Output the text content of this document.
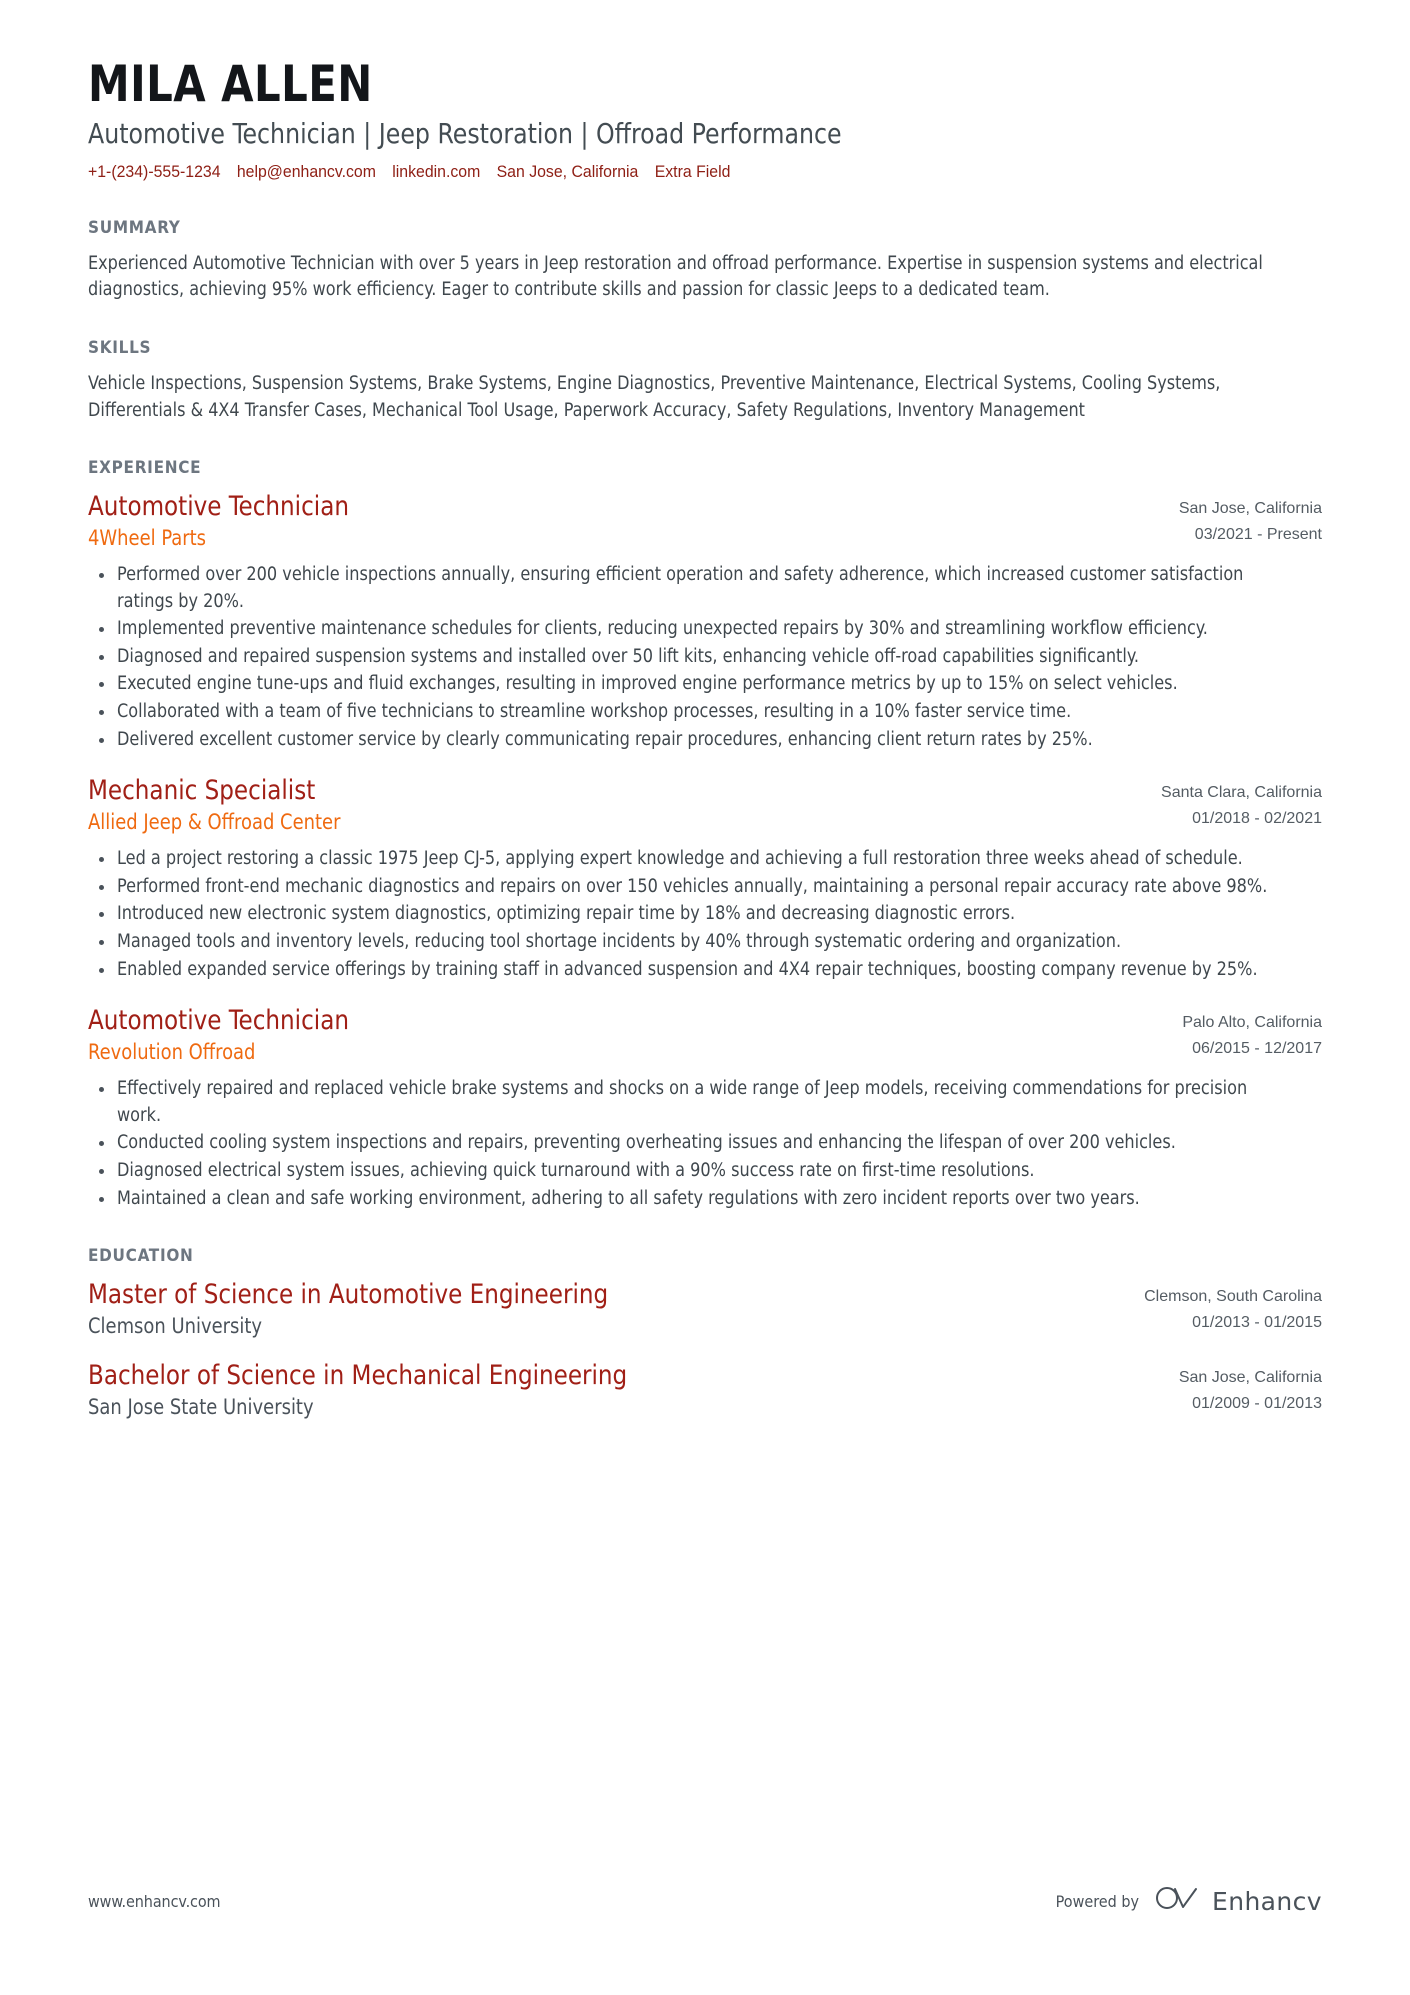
MILA ALLEN
Automotive Technician | Jeep Restoration | Offroad Performance
+1-(234)-555-1234 help@enhancv.com linkedin.com San Jose, California Extra Field
SUMMARY
Experienced Automotive Technician with over 5 years in Jeep restoration and offroad performance. Expertise in suspension systems and electrical diagnostics, achieving 95% work efficiency. Eager to contribute skills and passion for classic Jeeps to a dedicated team.
SKILLS
Vehicle Inspections, Suspension Systems, Brake Systems, Engine Diagnostics, Preventive Maintenance, Electrical Systems, Cooling Systems, Differentials & 4X4 Transfer Cases, Mechanical Tool Usage, Paperwork Accuracy, Safety Regulations, Inventory Management
EXPERIENCE
Automotive Technician
4Wheel Parts
San Jose, California
03/2021 - Present
Performed over 200 vehicle inspections annually, ensuring efficient operation and safety adherence, which increased customer satisfaction ratings by 20%.
Implemented preventive maintenance schedules for clients, reducing unexpected repairs by 30% and streamlining workflow efficiency.
Diagnosed and repaired suspension systems and installed over 50 lift kits, enhancing vehicle off-road capabilities significantly.
Executed engine tune-ups and fluid exchanges, resulting in improved engine performance metrics by up to 15% on select vehicles.
Collaborated with a team of five technicians to streamline workshop processes, resulting in a 10% faster service time.
Delivered excellent customer service by clearly communicating repair procedures, enhancing client return rates by 25%.
Mechanic Specialist
Allied Jeep & Offroad Center
Santa Clara, California
01/2018 - 02/2021
Led a project restoring a classic 1975 Jeep CJ-5, applying expert knowledge and achieving a full restoration three weeks ahead of schedule.
Performed front-end mechanic diagnostics and repairs on over 150 vehicles annually, maintaining a personal repair accuracy rate above 98%.
Introduced new electronic system diagnostics, optimizing repair time by 18% and decreasing diagnostic errors.
Managed tools and inventory levels, reducing tool shortage incidents by 40% through systematic ordering and organization.
Enabled expanded service offerings by training staff in advanced suspension and 4X4 repair techniques, boosting company revenue by 25%.
Automotive Technician
Revolution Offroad
Palo Alto, California
06/2015 - 12/2017
Effectively repaired and replaced vehicle brake systems and shocks on a wide range of Jeep models, receiving commendations for precision work.
Conducted cooling system inspections and repairs, preventing overheating issues and enhancing the lifespan of over 200 vehicles.
Diagnosed electrical system issues, achieving quick turnaround with a 90% success rate on first-time resolutions.
Maintained a clean and safe working environment, adhering to all safety regulations with zero incident reports over two years.
EDUCATION
Master of Science in Automotive Engineering
Clemson University
Clemson, South Carolina
01/2013 - 01/2015
Bachelor of Science in Mechanical Engineering
San Jose State University
San Jose, California
01/2009 - 01/2013
www.enhancv.com	Powered by	Enhancv
